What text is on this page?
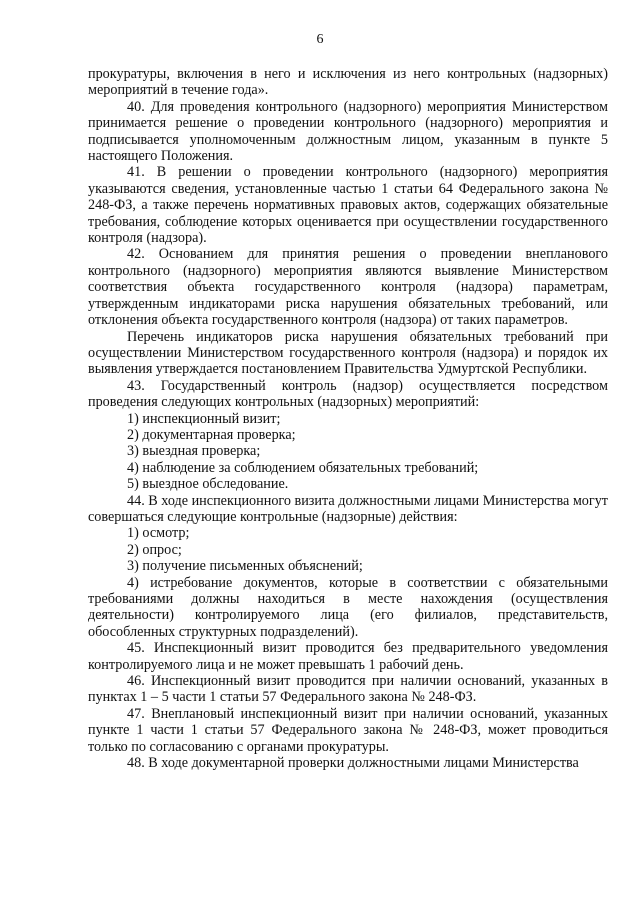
6

прокуратуры, включения в него и исключения из него контрольных (надзорных) мероприятий в течение года».

40. Для проведения контрольного (надзорного) мероприятия Министерством принимается решение о проведении контрольного (надзорного) мероприятия и подписывается уполномоченным должностным лицом, указанным в пункте 5 настоящего Положения.

41. В решении о проведении контрольного (надзорного) мероприятия указываются сведения, установленные частью 1 статьи 64 Федерального закона № 248-ФЗ, а также перечень нормативных правовых актов, содержащих обязательные требования, соблюдение которых оценивается при осуществлении государственного контроля (надзора).

42. Основанием для принятия решения о проведении внепланового контрольного (надзорного) мероприятия являются выявление Министерством соответствия объекта государственного контроля (надзора) параметрам, утвержденным индикаторами риска нарушения обязательных требований, или отклонения объекта государственного контроля (надзора) от таких параметров.

Перечень индикаторов риска нарушения обязательных требований при осуществлении Министерством государственного контроля (надзора) и порядок их выявления утверждается постановлением Правительства Удмуртской Республики.

43. Государственный контроль (надзор) осуществляется посредством проведения следующих контрольных (надзорных) мероприятий:

1) инспекционный визит;

2) документарная проверка;

3) выездная проверка;

4) наблюдение за соблюдением обязательных требований;

5) выездное обследование.

44. В ходе инспекционного визита должностными лицами Министерства могут совершаться следующие контрольные (надзорные) действия:

1) осмотр;

2) опрос;

3) получение письменных объяснений;

4) истребование документов, которые в соответствии с обязательными требованиями должны находиться в месте нахождения (осуществления деятельности) контролируемого лица (его филиалов, представительств, обособленных структурных подразделений).

45. Инспекционный визит проводится без предварительного уведомления контролируемого лица и не может превышать 1 рабочий день.

46. Инспекционный визит проводится при наличии оснований, указанных в пунктах 1 – 5 части 1 статьи 57 Федерального закона № 248-ФЗ.

47. Внеплановый инспекционный визит при наличии оснований, указанных пункте 1 части 1 статьи 57 Федерального закона № 248-ФЗ, может проводиться только по согласованию с органами прокуратуры.

48. В ходе документарной проверки должностными лицами Министерства
